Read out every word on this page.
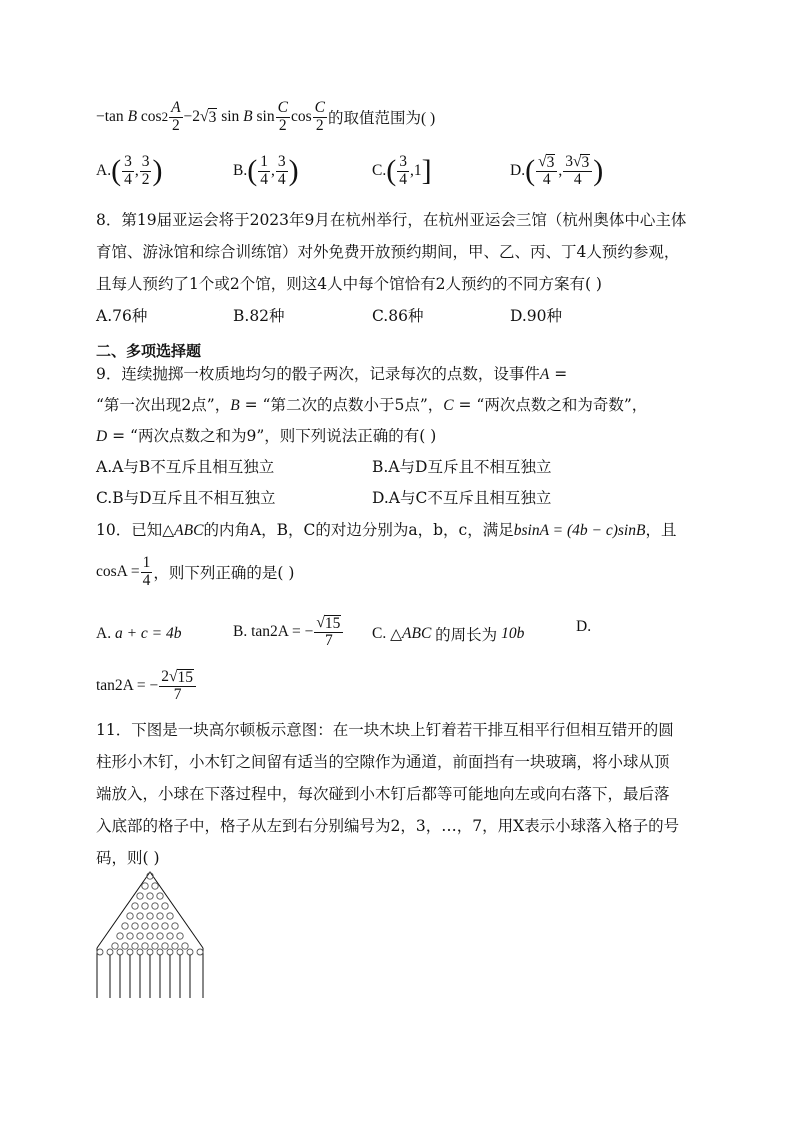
−tan
B
$\cos 2 \frac{A}{2} -2$ √ 3
sin
B
$\sin \frac{C}{2}$ $\cos \frac{C}{2}$ 的取值范围为( )
A. ( $\frac{3}{4}$ , $\frac{3}{2}$ )	B. ( $\frac{1}{4}$ , $\frac{3}{4}$ )	C. ( $\frac{3}{4}$ , 1 ]	D. ( $\frac{√ 3}{4}$ , $\frac{3√ 3}{4}$ )
8．第19届亚运会将于2023年9月在杭州举行，在杭州亚运会三馆（杭州奥体中心主体
育馆、游泳馆和综合训练馆）对外免费开放预约期间，甲、乙、丙、丁4人预约参观，
且每人预约了1个或2个馆，则这4人中每个馆恰有2人预约的不同方案有( )
A.76种	B.82种	C.86种	D.90种
二、多项选择题
9．连续抛掷一枚质地均匀的骰子两次，记录每次的点数，设事件A =
“第一次出现2点”，B = “第二次的点数小于5点”，C = “两次点数之和为奇数”，
D = “两次点数之和为9”，则下列说法正确的有( )
A.A与B不互斥且相互独立	B.A与D互斥且不相互独立
C.B与D互斥且不相互独立	D.A与C不互斥且相互独立
10．已知△ABC的内角A，B，C的对边分别为a，b，c，满足bsinA = (4b − c)sinB，且
$\cos A = \frac{1}{4}$ ，则下列正确的是( )
A.
a + c = 4b	B.
tan2A = − $\frac{√ 15}{7} C$.
△ ABC
的周长为
10b	D.
tan2A = − $\frac{2√ 15}{7}$
11．下图是一块高尔顿板示意图：在一块木块上钉着若干排互相平行但相互错开的圆
柱形小木钉，小木钉之间留有适当的空隙作为通道，前面挡有一块玻璃，将小球从顶
端放入，小球在下落过程中，每次碰到小木钉后都等可能地向左或向右落下，最后落
入底部的格子中，格子从左到右分别编号为2，3，…，7，用X表示小球落入格子的号
码，则( )
